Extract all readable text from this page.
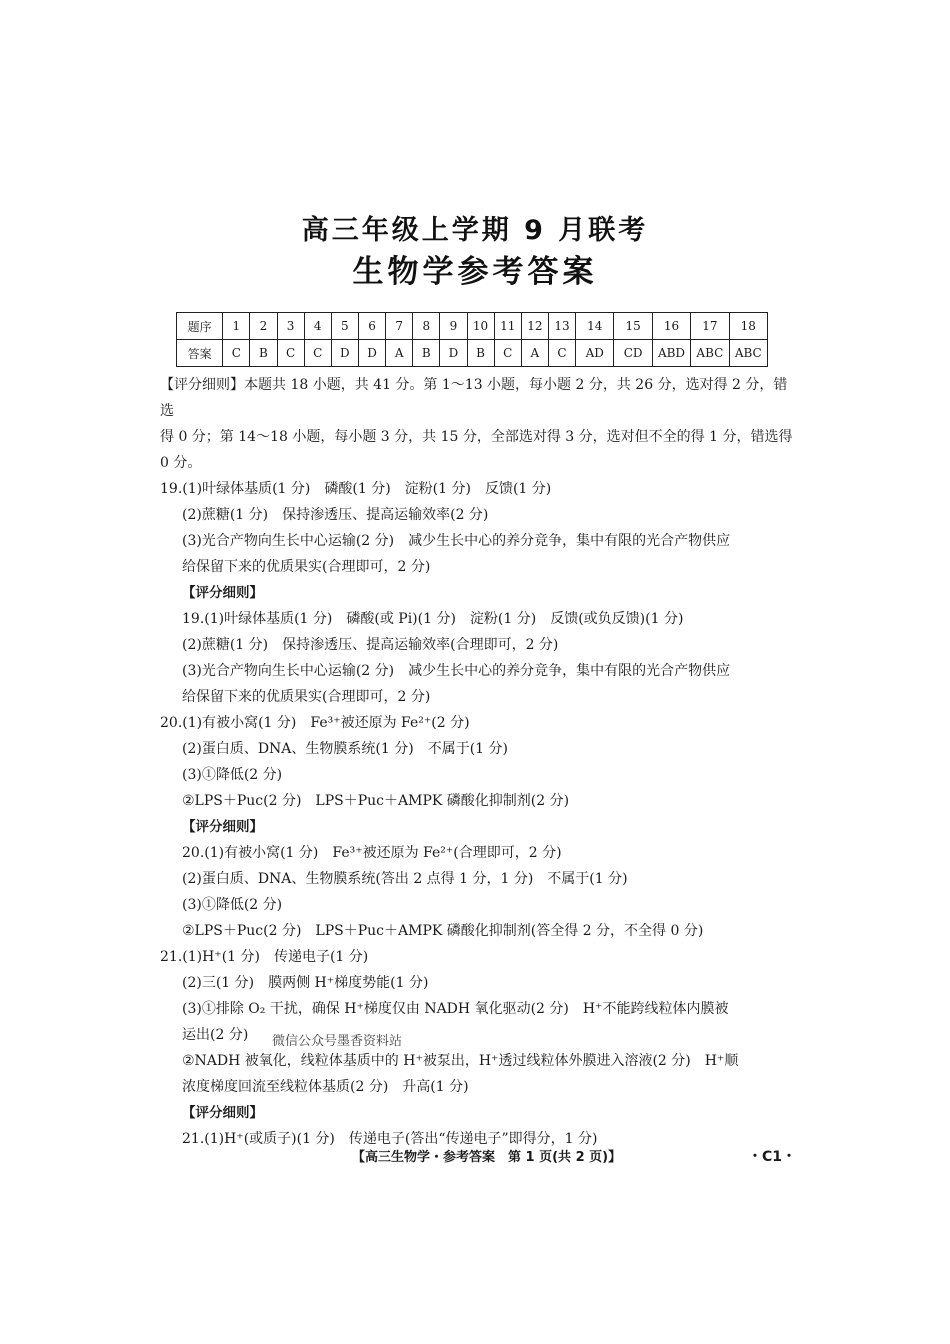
高三年级上学期 9 月联考
生物学参考答案
题序	1	2	3	4	5	6	7	8	9	10	11	12	13	14	15	16	17	18
答案	C	B	C	C	D	D	A	B	D	B	C	A	C	AD	CD	ABD	ABC	ABC

【评分细则】本题共 18 小题，共 41 分。第 1～13 小题，每小题 2 分，共 26 分，选对得 2 分，错选

得 0 分；第 14～18 小题，每小题 3 分，共 15 分，全部选对得 3 分，选对但不全的得 1 分，错选得

0 分。

19.(1)叶绿体基质(1 分)　磷酸(1 分)　淀粉(1 分)　反馈(1 分)

(2)蔗糖(1 分)　保持渗透压、提高运输效率(2 分)

(3)光合产物向生长中心运输(2 分)　减少生长中心的养分竞争，集中有限的光合产物供应

给保留下来的优质果实(合理即可，2 分)

【评分细则】

19.(1)叶绿体基质(1 分)　磷酸(或 Pi)(1 分)　淀粉(1 分)　反馈(或负反馈)(1 分)

(2)蔗糖(1 分)　保持渗透压、提高运输效率(合理即可，2 分)

(3)光合产物向生长中心运输(2 分)　减少生长中心的养分竞争，集中有限的光合产物供应

给保留下来的优质果实(合理即可，2 分)

20.(1)有被小窝(1 分)　Fe³⁺被还原为 Fe²⁺(2 分)

(2)蛋白质、DNA、生物膜系统(1 分)　不属于(1 分)

(3)①降低(2 分)

②LPS＋Puc(2 分)　LPS＋Puc＋AMPK 磷酸化抑制剂(2 分)

【评分细则】

20.(1)有被小窝(1 分)　Fe³⁺被还原为 Fe²⁺(合理即可，2 分)

(2)蛋白质、DNA、生物膜系统(答出 2 点得 1 分，1 分)　不属于(1 分)

(3)①降低(2 分)

②LPS＋Puc(2 分)　LPS＋Puc＋AMPK 磷酸化抑制剂(答全得 2 分，不全得 0 分)

21.(1)H⁺(1 分)　传递电子(1 分)

(2)三(1 分)　膜两侧 H⁺梯度势能(1 分)

(3)①排除 O₂ 干扰，确保 H⁺梯度仅由 NADH 氧化驱动(2 分)　H⁺不能跨线粒体内膜被

运出(2 分)

②NADH 被氧化，线粒体基质中的 H⁺被泵出，H⁺透过线粒体外膜进入溶液(2 分)　H⁺顺

浓度梯度回流至线粒体基质(2 分)　升高(1 分)

【评分细则】

21.(1)H⁺(或质子)(1 分)　传递电子(答出“传递电子”即得分，1 分)

微信公众号墨香资料站
【高三生物学・参考答案　第 1 页(共 2 页)】	・C1・
